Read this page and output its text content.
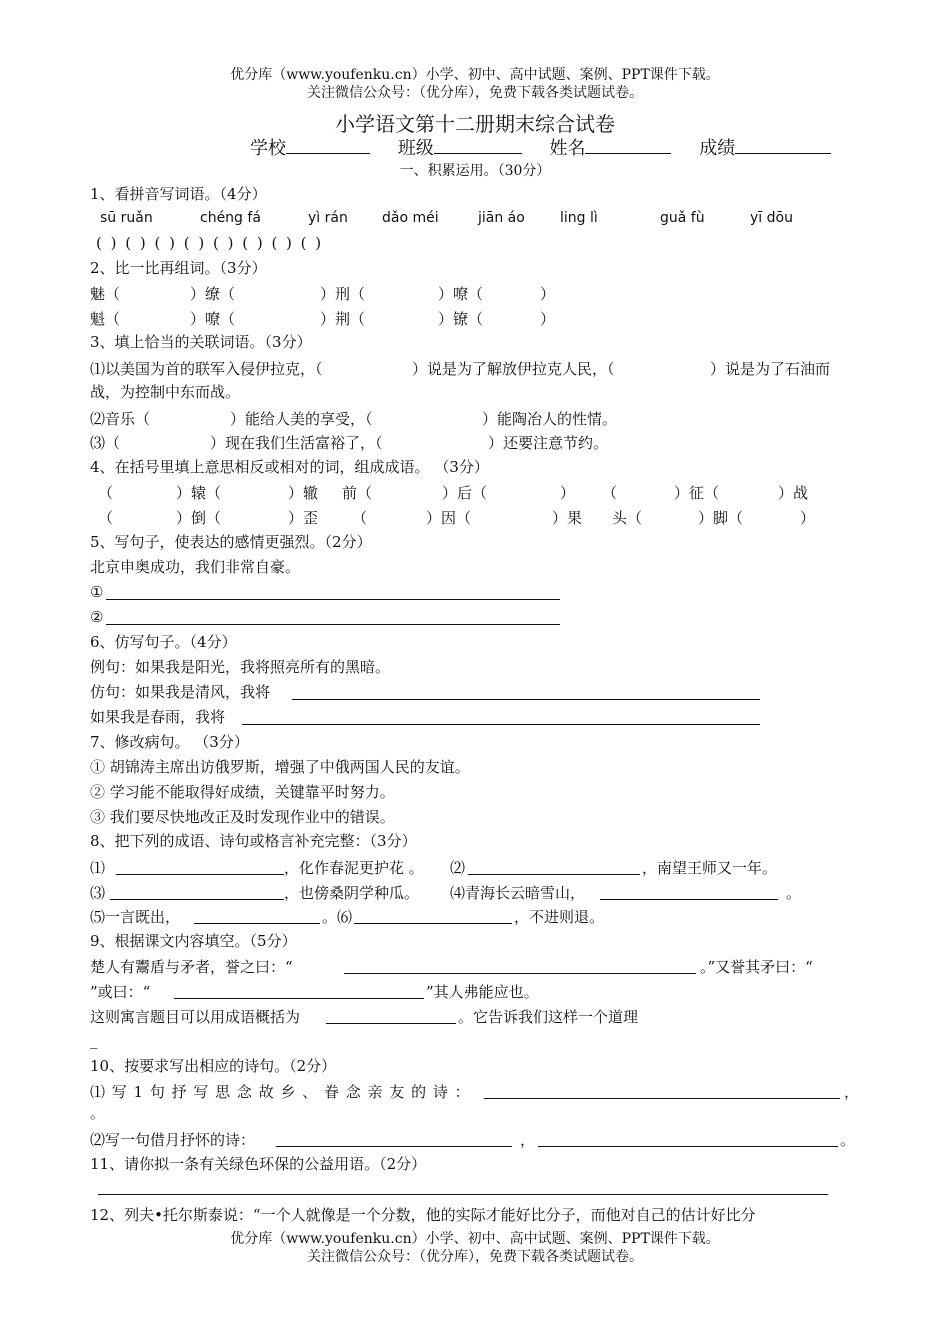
优分库（www.youfenku.cn）小学、初中、高中试题、案例、PPT课件下载。
关注微信公众号：（优分库），免费下载各类试题试卷。
小学语文第十二册期末综合试卷
学校	班级	姓名	成绩
一、积累运用。（30分）
1、看拼音写词语。（4分）
sū ruǎn	chéng fá	yì rán dǎo méi	jiān áo	ling lì	guǎ fù	yī dōu
( ) ( ) ( ) ( ) ( ) ( ) ( ) ( )
2、比一比再组词。（3分）
魅（	）缭（	）刑（	）嘹（	）
魁（	）嘹（	）荆（	）镣（	）
3、填上恰当的关联词语。（3分）
⑴以美国为首的联军入侵伊拉克，（	）说是为了解放伊拉克人民，（	）说是为了石油而
战，为控制中东而战。
⑵音乐（	）能给人美的享受，（	）能陶冶人的性情。
⑶（	）现在我们生活富裕了，（	）还要注意节约。
4、在括号里填上意思相反或相对的词，组成成语。 （3分）
（	）辕（	）辙 前（	）后（	） （	）征（	）战
（	）倒（	）歪 （	）因（	）果 头（	）脚（	）
5、写句子，使表达的感情更强烈。（2分）
北京申奥成功，我们非常自豪。
①
②
6、仿写句子。（4分）
例句：如果我是阳光，我将照亮所有的黑暗。
仿句：如果我是清风，我将
如果我是春雨，我将
7、修改病句。 （3分）
① 胡锦涛主席出访俄罗斯，增强了中俄两国人民的友谊。
② 学习能不能取得好成绩，关键靠平时努力。
③ 我们要尽快地改正及时发现作业中的错误。
8、把下列的成语、诗句或格言补充完整：（3分）
⑴	，化作春泥更护花 。 ⑵	，南望王师又一年。
⑶	，也傍桑阴学种瓜。 ⑷青海长云暗雪山，	。
⑸一言既出，	。⑹	，不进则退。
9、根据课文内容填空。（5分）
楚人有鬻盾与矛者，誉之曰：“	。”又誉其矛曰：“
”或曰：“	”其人弗能应也。
这则寓言题目可以用成语概括为	。它告诉我们这样一个道理
_
10、按要求写出相应的诗句。（2分）
⑴ 写 1 句 抒 写 思 念 故 乡 、 眷 念 亲 友 的 诗 ：	，
。
⑵写一句借月抒怀的诗：	，	。
11、请你拟一条有关绿色环保的公益用语。（2分）
12、列夫•托尔斯泰说：“一个人就像是一个分数，他的实际才能好比分子，而他对自己的估计好比分
优分库（www.youfenku.cn）小学、初中、高中试题、案例、PPT课件下载。
关注微信公众号：（优分库），免费下载各类试题试卷。
